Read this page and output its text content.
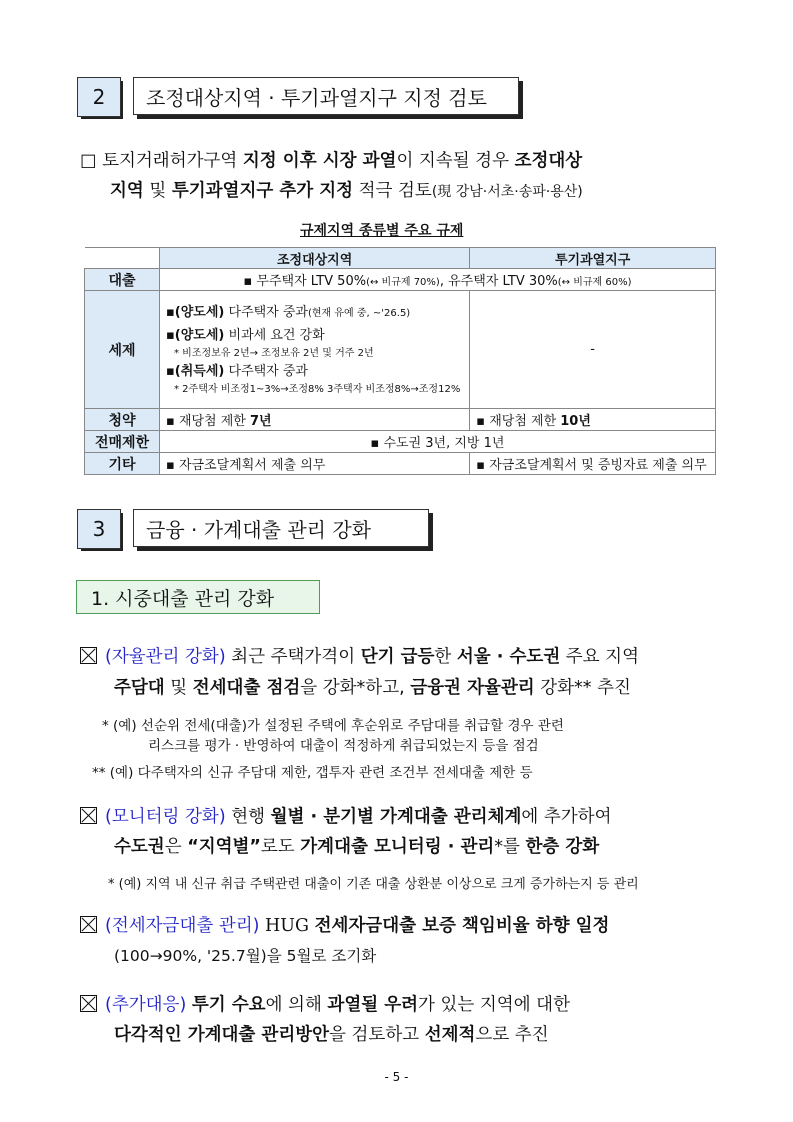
2	조정대상지역 · 투기과열지구 지정 검토
□ 토지거래허가구역 지정 이후 시장 과열이 지속될 경우 조정대상
지역 및 투기과열지구 추가 지정 적극 검토(現 강남·서초·송파·용산)
규제지역 종류별 주요 규제
	조정대상지역	투기과열지구
대출	▪ 무주택자 LTV 50%(↔ 비규제 70%), 유주택자 LTV 30%(↔ 비규제 60%)	
세제	▪(양도세) 다주택자 중과(현재 유예 중, ~'26.5)
▪(양도세) 비과세 요건 강화
* 비조정보유 2년→ 조정보유 2년 및 거주 2년
▪(취득세) 다주택자 중과
* 2주택자 비조정1~3%→조정8% 3주택자 비조정8%→조정12%	-
청약	▪ 재당첨 제한 7년	▪ 재당첨 제한 10년
전매제한	▪ 수도권 3년, 지방 1년	
기타	▪ 자금조달계획서 제출 의무	▪ 자금조달계획서 및 증빙자료 제출 의무
3	금융 · 가계대출 관리 강화
1. 시중대출 관리 강화
(자율관리 강화) 최근 주택가격이 단기 급등한 서울 · 수도권 주요 지역
주담대 및 전세대출 점검을 강화*하고, 금융권 자율관리 강화** 추진
* (예) 선순위 전세(대출)가 설정된 주택에 후순위로 주담대를 취급할 경우 관련
리스크를 평가 · 반영하여 대출이 적정하게 취급되었는지 등을 점검
** (예) 다주택자의 신규 주담대 제한, 갭투자 관련 조건부 전세대출 제한 등
(모니터링 강화) 현행 월별 · 분기별 가계대출 관리체계에 추가하여
수도권은 “지역별”로도 가계대출 모니터링 · 관리*를 한층 강화
* (예) 지역 내 신규 취급 주택관련 대출이 기존 대출 상환분 이상으로 크게 증가하는지 등 관리
(전세자금대출 관리) HUG 전세자금대출 보증 책임비율 하향 일정
(100→90%, '25.7월)을 5월로 조기화
(추가대응) 투기 수요에 의해 과열될 우려가 있는 지역에 대한
다각적인 가계대출 관리방안을 검토하고 선제적으로 추진
- 5 -
